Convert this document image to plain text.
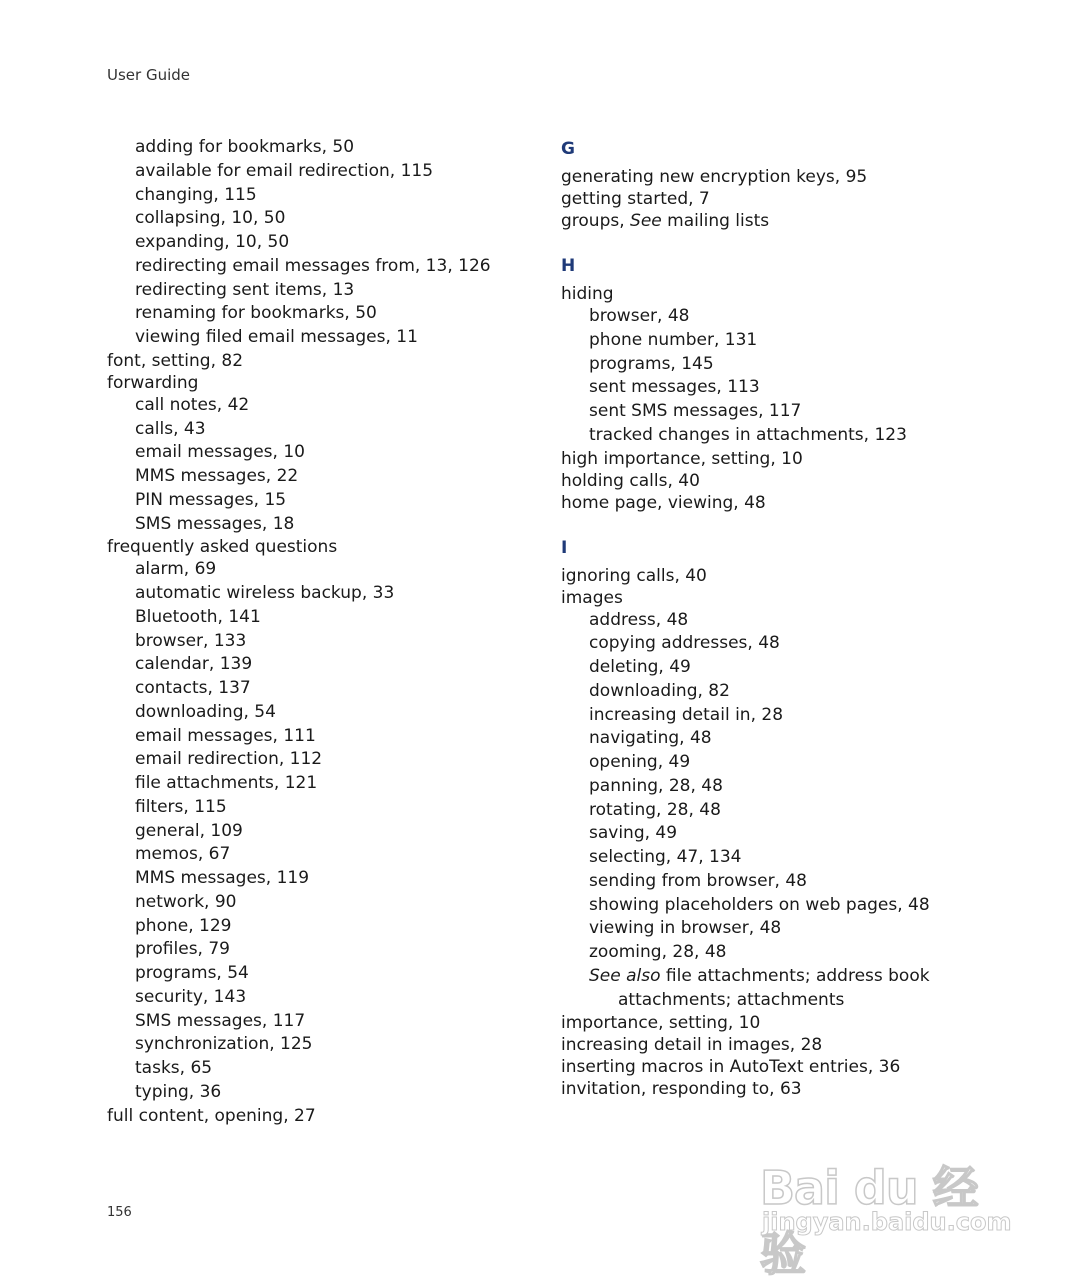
User Guide
adding for bookmarks, 50
available for email redirection, 115
changing, 115
collapsing, 10, 50
expanding, 10, 50
redirecting email messages from, 13, 126
redirecting sent items, 13
renaming for bookmarks, 50
viewing filed email messages, 11
font, setting, 82
forwarding
call notes, 42
calls, 43
email messages, 10
MMS messages, 22
PIN messages, 15
SMS messages, 18
frequently asked questions
alarm, 69
automatic wireless backup, 33
Bluetooth, 141
browser, 133
calendar, 139
contacts, 137
downloading, 54
email messages, 111
email redirection, 112
file attachments, 121
filters, 115
general, 109
memos, 67
MMS messages, 119
network, 90
phone, 129
profiles, 79
programs, 54
security, 143
SMS messages, 117
synchronization, 125
tasks, 65
typing, 36
full content, opening, 27
G
generating new encryption keys, 95
getting started, 7
groups, See mailing lists
H
hiding
browser, 48
phone number, 131
programs, 145
sent messages, 113
sent SMS messages, 117
tracked changes in attachments, 123
high importance, setting, 10
holding calls, 40
home page, viewing, 48
I
ignoring calls, 40
images
address, 48
copying addresses, 48
deleting, 49
downloading, 82
increasing detail in, 28
navigating, 48
opening, 49
panning, 28, 48
rotating, 28, 48
saving, 49
selecting, 47, 134
sending from browser, 48
showing placeholders on web pages, 48
viewing in browser, 48
zooming, 28, 48
See also file attachments; address book
attachments; attachments
importance, setting, 10
increasing detail in images, 28
inserting macros in AutoText entries, 36
invitation, responding to, 63
156	Bai du 经验
jingyan.baidu.com
